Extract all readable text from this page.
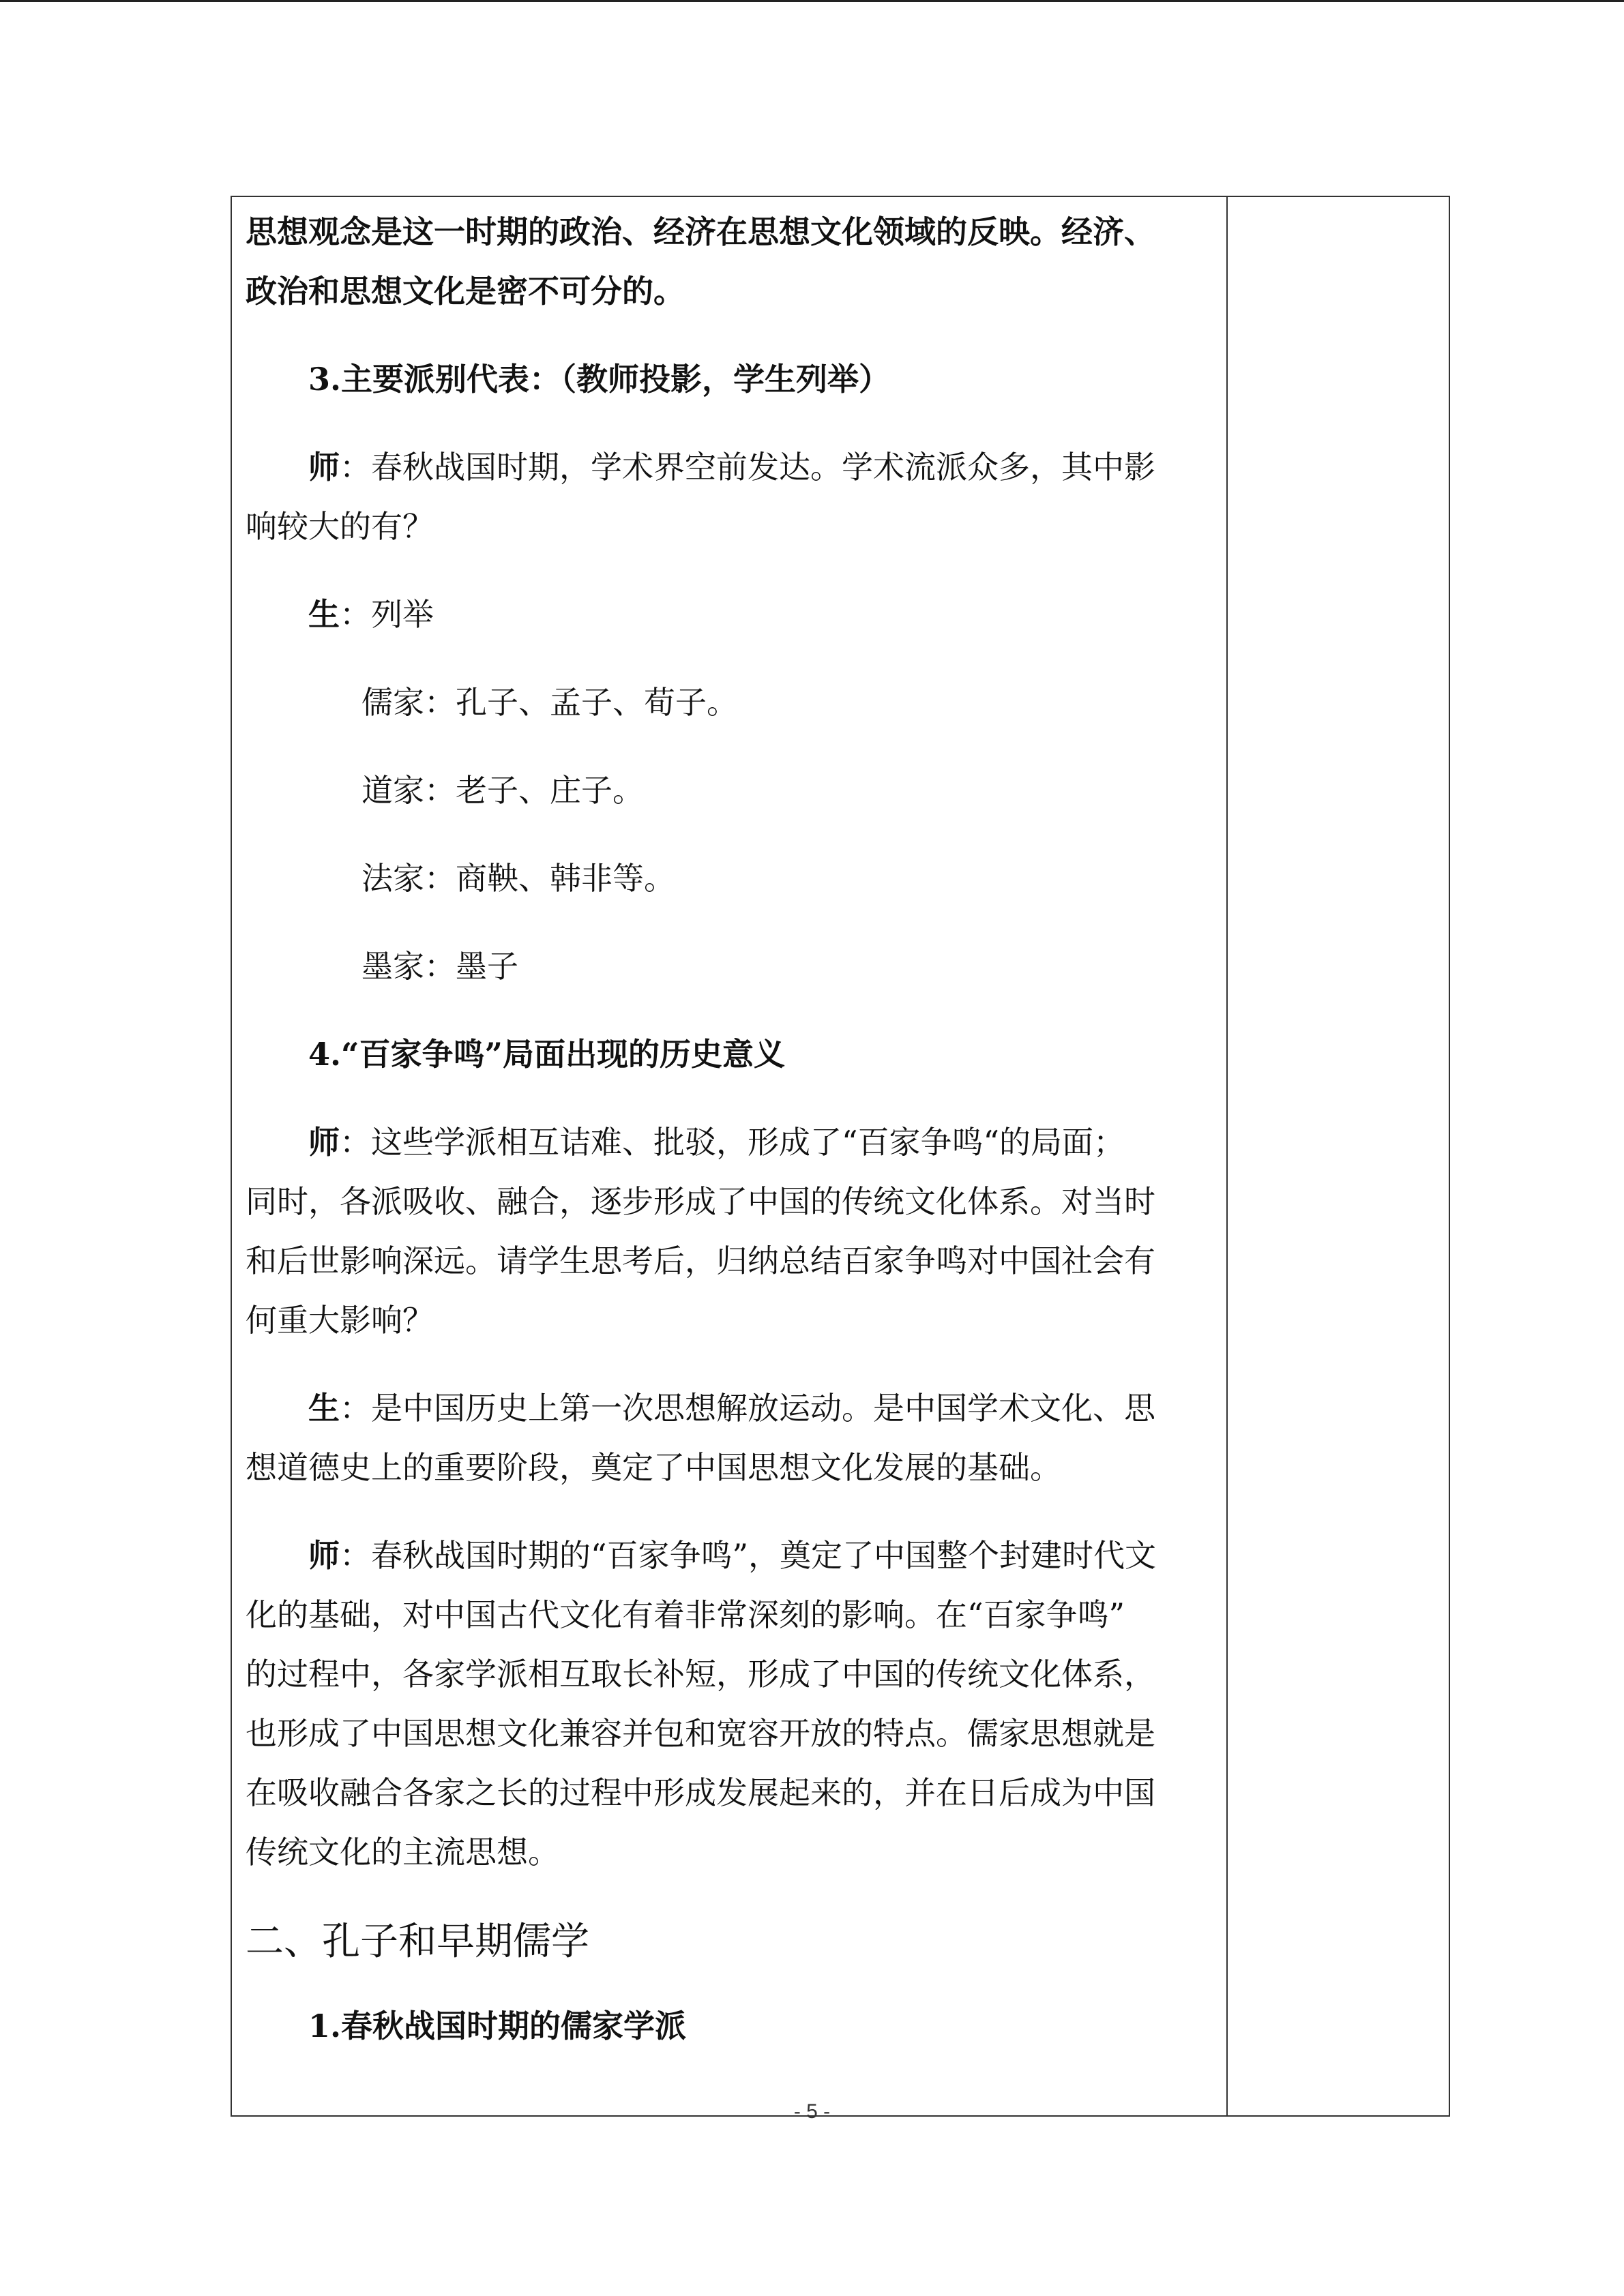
思想观念是这一时期的政治、经济在思想文化领域的反映。经济、
政治和思想文化是密不可分的。

3.主要派别代表：（教师投影，学生列举）

师：春秋战国时期，学术界空前发达。学术流派众多，其中影
响较大的有？

生：列举

儒家：孔子、孟子、荀子。

道家：老子、庄子。

法家：商鞅、韩非等。

墨家：墨子

4.“百家争鸣”局面出现的历史意义

师：这些学派相互诘难、批驳，形成了“百家争鸣“的局面；
同时，各派吸收、融合，逐步形成了中国的传统文化体系。对当时
和后世影响深远。请学生思考后，归纳总结百家争鸣对中国社会有
何重大影响？

生：是中国历史上第一次思想解放运动。是中国学术文化、思
想道德史上的重要阶段，奠定了中国思想文化发展的基础。

师：春秋战国时期的“百家争鸣”，奠定了中国整个封建时代文
化的基础，对中国古代文化有着非常深刻的影响。在“百家争鸣”
的过程中，各家学派相互取长补短，形成了中国的传统文化体系，
也形成了中国思想文化兼容并包和宽容开放的特点。儒家思想就是
在吸收融合各家之长的过程中形成发展起来的，并在日后成为中国
传统文化的主流思想。

二、孔子和早期儒学

1.春秋战国时期的儒家学派

- 5 -
